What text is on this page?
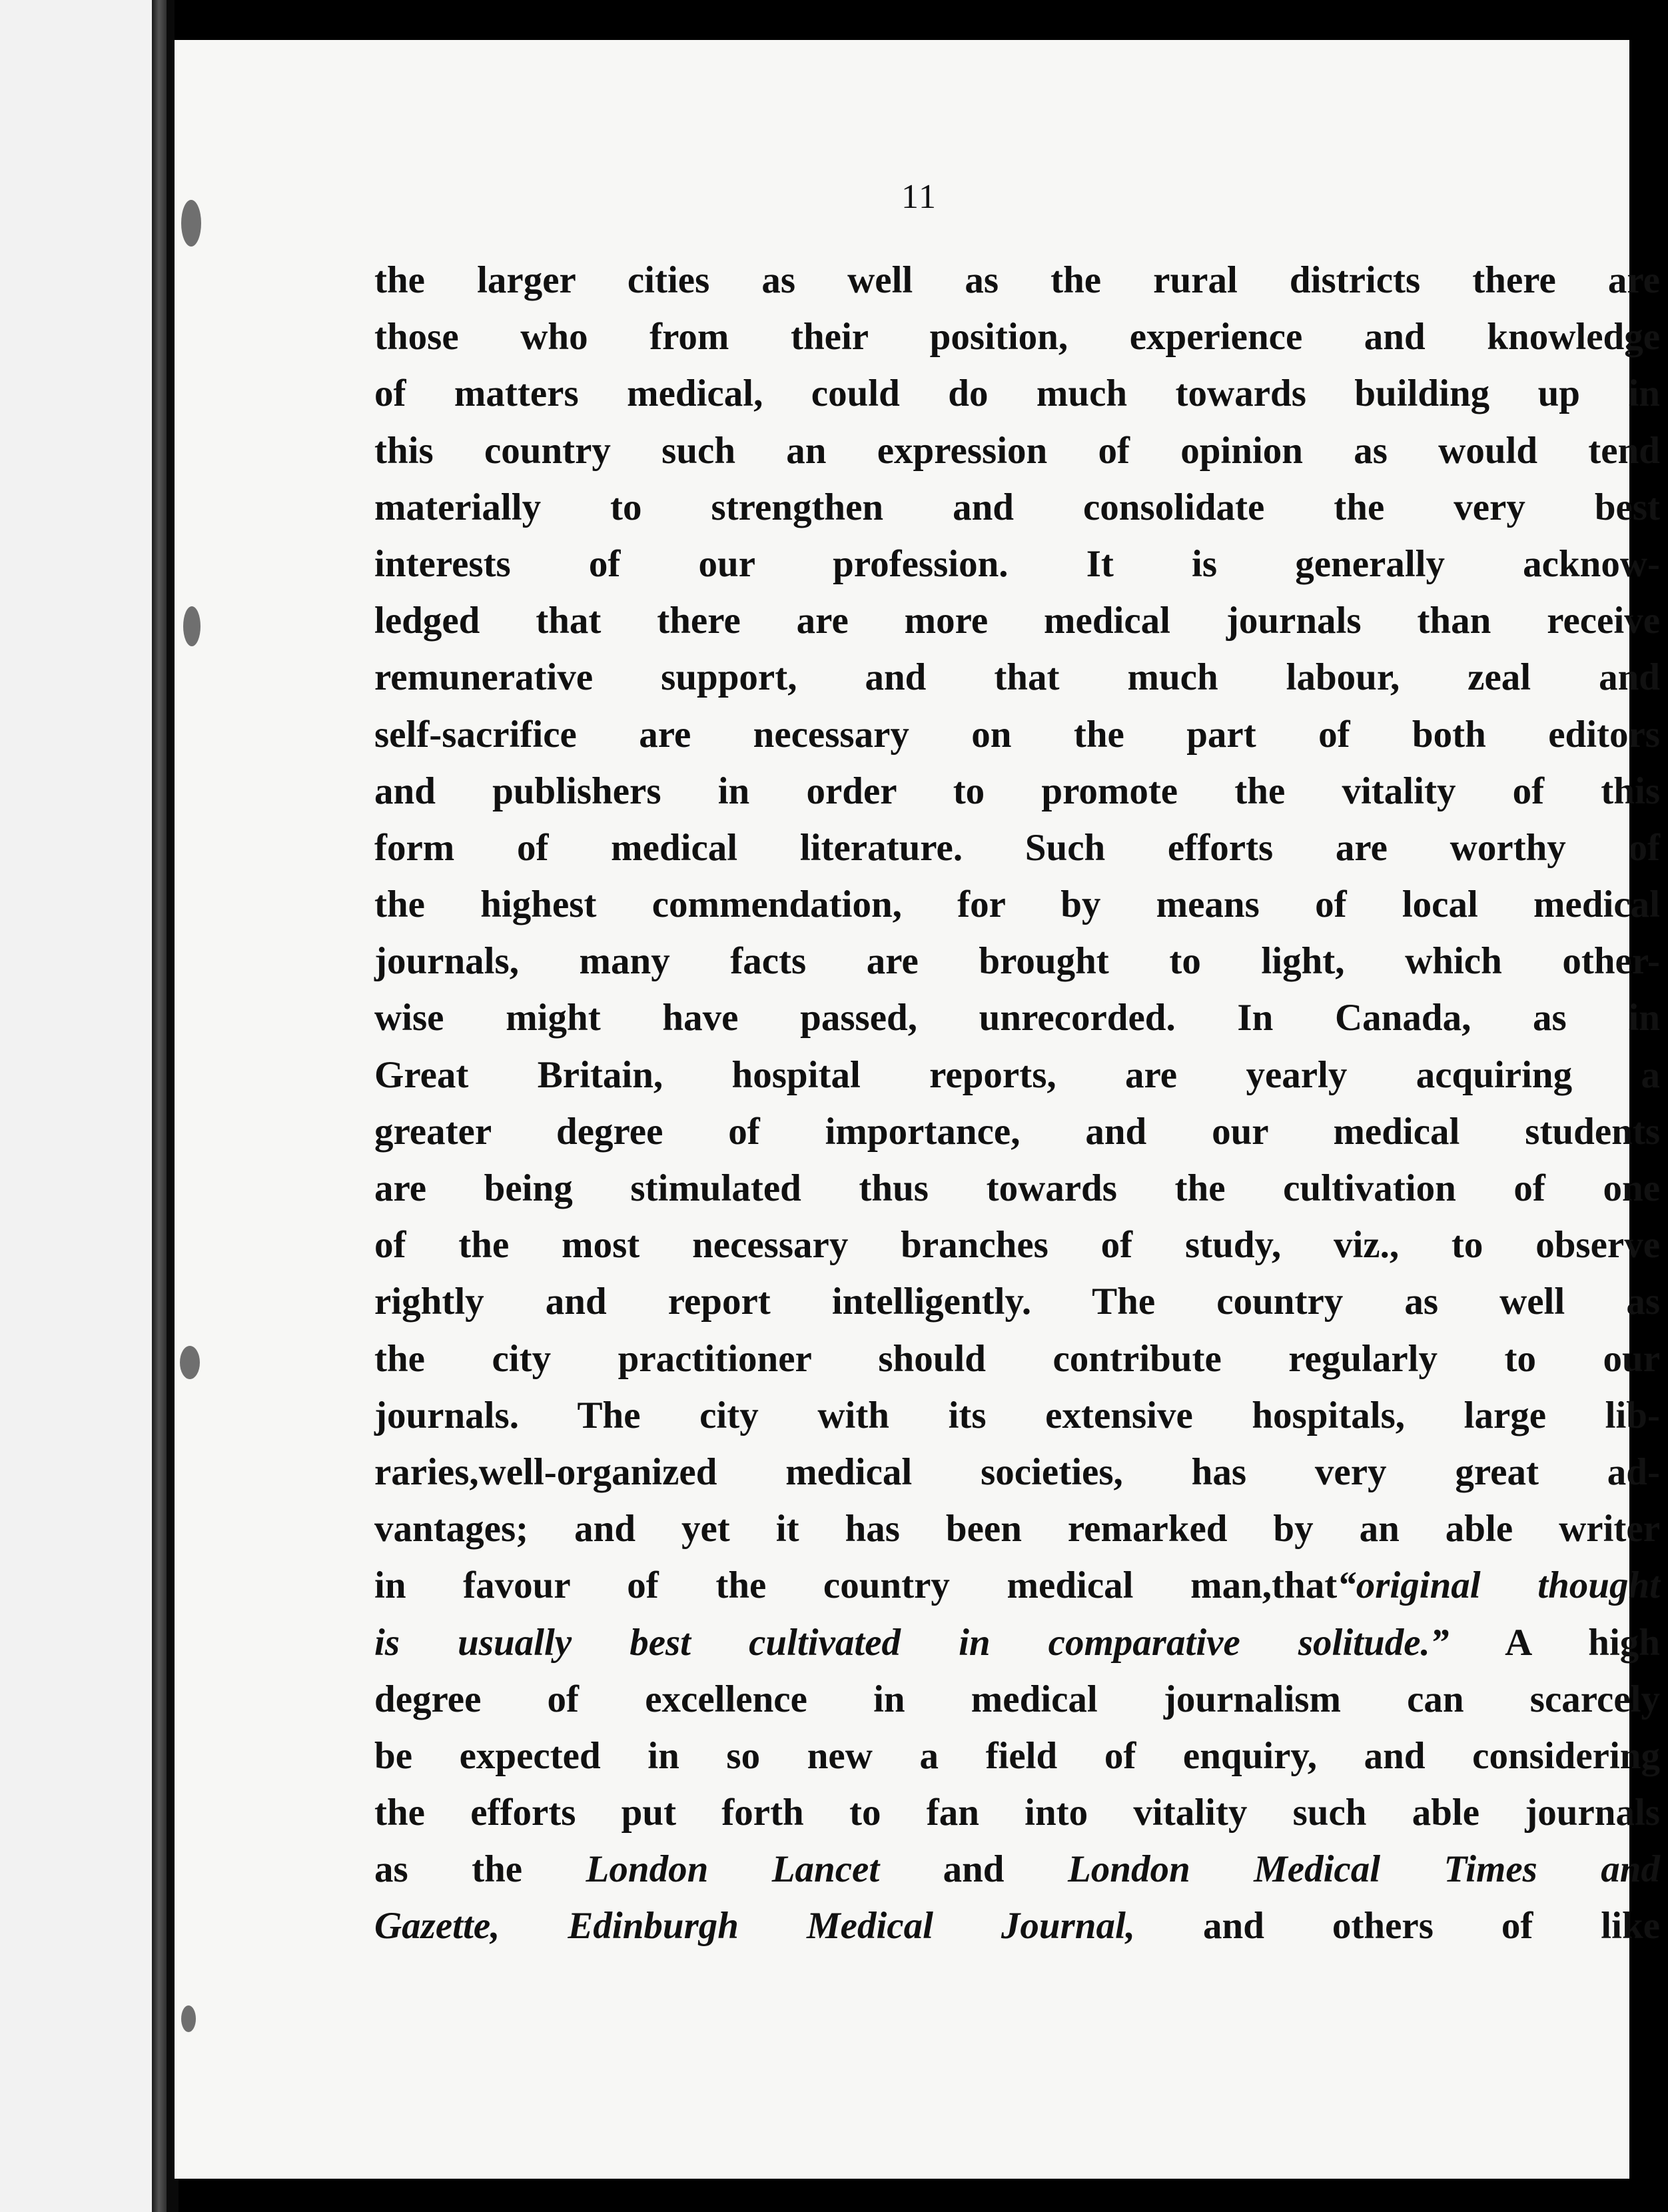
11
the larger cities as well as the rural districts there are
those who from their position, experience and knowledge
of matters medical, could do much towards building up in
this country such an expression of opinion as would tend
materially to strengthen and consolidate the very best
interests of our profession. It is generally acknow-
ledged that there are more medical journals than receive
remunerative support, and that much labour, zeal and
self-sacrifice are necessary on the part of both editors
and publishers in order to promote the vitality of this
form of medical literature. Such efforts are worthy of
the highest commendation, for by means of local medical
journals, many facts are brought to light, which other-
wise might have passed, unrecorded. In Canada, as in
Great Britain, hospital reports, are yearly acquiring a
greater degree of importance, and our medical students
are being stimulated thus towards the cultivation of one
of the most necessary branches of study, viz., to observe
rightly and report intelligently. The country as well as
the city practitioner should contribute regularly to our
journals. The city with its extensive hospitals, large lib-
raries,well-organized medical societies, has very great ad-
vantages; and yet it has been remarked by an able writer
in favour of the country medical man,that“original thought
is usually best cultivated in comparative solitude.” A high
degree of excellence in medical journalism can scarcely
be expected in so new a field of enquiry, and considering
the efforts put forth to fan into vitality such able journals
as the London Lancet and London Medical Times and
Gazette, Edinburgh Medical Journal, and others of like
